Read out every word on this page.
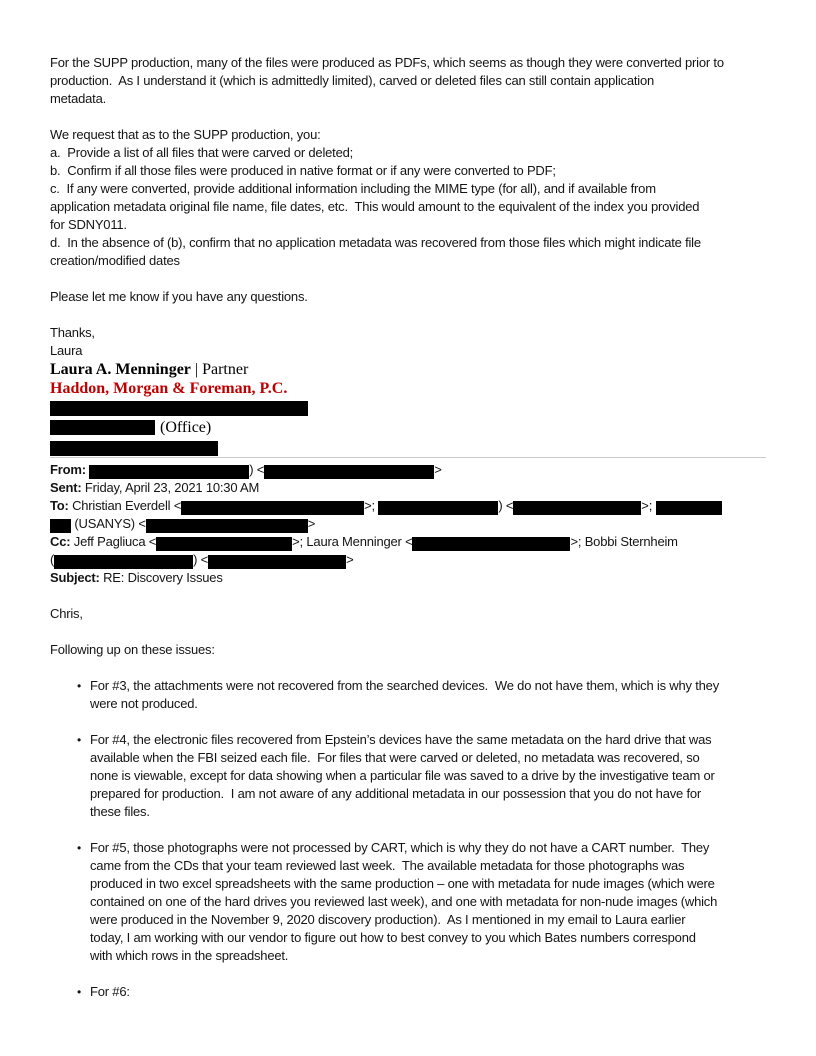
For the SUPP production, many of the files were produced as PDFs, which seems as though they were converted prior to
production.  As I understand it (which is admittedly limited), carved or deleted files can still contain application
metadata.
We request that as to the SUPP production, you:
a.  Provide a list of all files that were carved or deleted;
b.  Confirm if all those files were produced in native format or if any were converted to PDF;
c.  If any were converted, provide additional information including the MIME type (for all), and if available from
application metadata original file name, file dates, etc.  This would amount to the equivalent of the index you provided
for SDNY011.
d.  In the absence of (b), confirm that no application metadata was recovered from those files which might indicate file
creation/modified dates
Please let me know if you have any questions.
Thanks,
Laura
Laura A. Menninger | Partner
Haddon, Morgan & Foreman, P.C.
(Office)
From:	) <	>
Sent: Friday, April 23, 2021 10:30 AM
To: Christian Everdell <	>;	) <	>;
(USANYS) <	>
Cc: Jeff Pagliuca <	>; Laura Menninger <	>; Bobbi Sternheim
(	) <	>
Subject: RE: Discovery Issues
Chris,
Following up on these issues:
• For #3, the attachments were not recovered from the searched devices.  We do not have them, which is why they
were not produced.
• For #4, the electronic files recovered from Epstein’s devices have the same metadata on the hard drive that was
available when the FBI seized each file.  For files that were carved or deleted, no metadata was recovered, so
none is viewable, except for data showing when a particular file was saved to a drive by the investigative team or
prepared for production.  I am not aware of any additional metadata in our possession that you do not have for
these files.
• For #5, those photographs were not processed by CART, which is why they do not have a CART number.  They
came from the CDs that your team reviewed last week.  The available metadata for those photographs was
produced in two excel spreadsheets with the same production – one with metadata for nude images (which were
contained on one of the hard drives you reviewed last week), and one with metadata for non-nude images (which
were produced in the November 9, 2020 discovery production).  As I mentioned in my email to Laura earlier
today, I am working with our vendor to figure out how to best convey to you which Bates numbers correspond
with which rows in the spreadsheet.
• For #6:
